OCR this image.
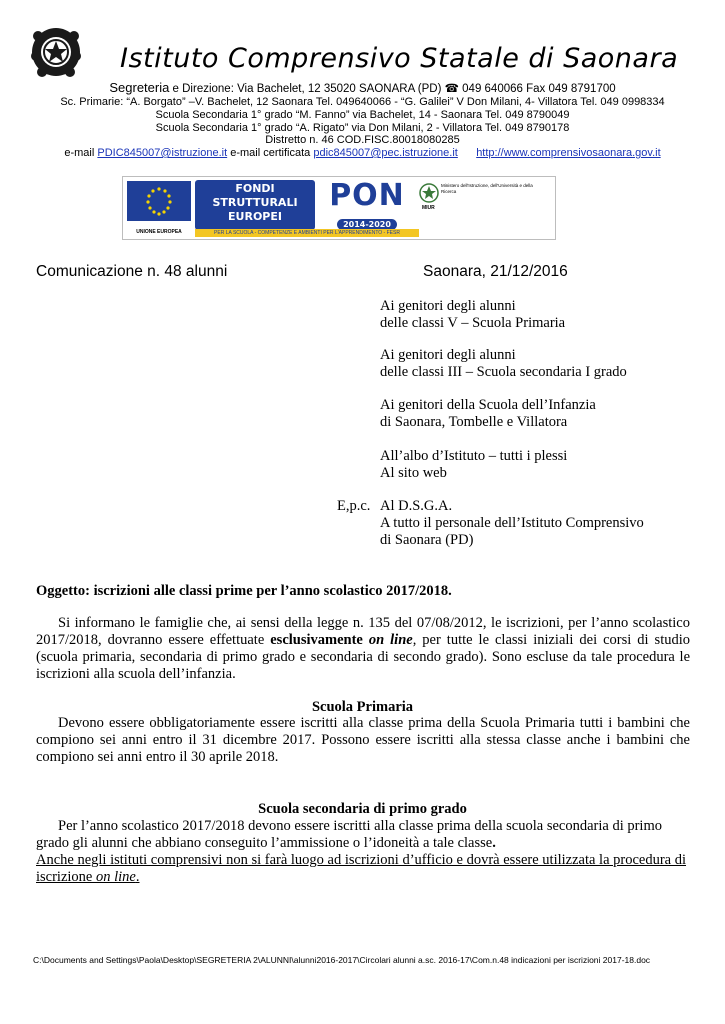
Istituto Comprensivo Statale di Saonara
Segreteria e Direzione: Via Bachelet, 12 35020 SAONARA (PD) ☎ 049 640066 Fax 049 8791700
Sc. Primarie: “A. Borgato” –V. Bachelet, 12 Saonara Tel. 049640066 - “G. Galilei” V Don Milani, 4- Villatora Tel. 049 0998334
Scuola Secondaria 1° grado “M. Fanno” via Bachelet, 14 - Saonara Tel. 049 8790049
Scuola Secondaria 1° grado “A. Rigato” via Don Milani, 2 - Villatora Tel. 049 8790178
Distretto n. 46 COD.FISC.80018080285
e-mail PDIC845007@istruzione.it e-mail certificata pdic845007@pec.istruzione.it http://www.comprensivosaonara.gov.it
UNIONE EUROPEA
FONDI
STRUTTURALI
EUROPEI
PON
2014-2020
Ministero dell'Istruzione, dell'Università e della Ricerca
MIUR
PER LA SCUOLA - COMPETENZE E AMBIENTI PER L'APPRENDIMENTO - FESR
Comunicazione n. 48 alunni	Saonara, 21/12/2016
Ai genitori degli alunni
delle classi V – Scuola Primaria
Ai genitori degli alunni
delle classi III – Scuola secondaria I grado
Ai genitori della Scuola dell’Infanzia
di Saonara, Tombelle e Villatora
All’albo d’Istituto – tutti i plessi
Al sito web
E,p.c. Al D.S.G.A.
A tutto il personale dell’Istituto Comprensivo
di Saonara (PD)
Oggetto: iscrizioni alle classi prime per l’anno scolastico 2017/2018.
Si informano le famiglie che, ai sensi della legge n. 135 del 07/08/2012, le iscrizioni, per l’anno scolastico 2017/2018, dovranno essere effettuate esclusivamente on line, per tutte le classi iniziali dei corsi di studio (scuola primaria, secondaria di primo grado e secondaria di secondo grado). Sono escluse da tale procedura le iscrizioni alla scuola dell’infanzia.
Scuola Primaria
Devono essere obbligatoriamente essere iscritti alla classe prima della Scuola Primaria tutti i bambini che compiono sei anni entro il 31 dicembre 2017. Possono essere iscritti alla stessa classe anche i bambini che compiono sei anni entro il 30 aprile 2018.
Scuola secondaria di primo grado
Per l’anno scolastico 2017/2018 devono essere iscritti alla classe prima della scuola secondaria di primo
grado gli alunni che abbiano conseguito l’ammissione o l’idoneità a tale classe.
Anche negli istituti comprensivi non si farà luogo ad iscrizioni d’ufficio e dovrà essere utilizzata la procedura di
iscrizione on line.
C:\Documents and Settings\Paola\Desktop\SEGRETERIA 2\ALUNNI\alunni2016-2017\Circolari alunni a.sc. 2016-17\Com.n.48 indicazioni per iscrizioni 2017-18.doc
